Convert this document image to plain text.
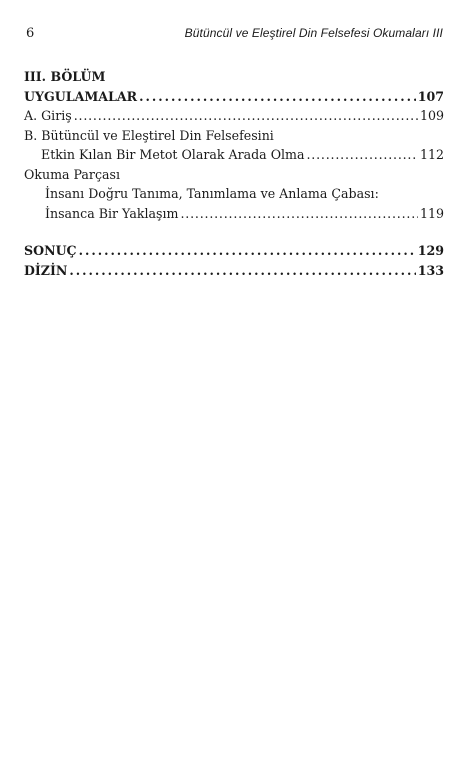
6	Bütüncül ve Eleştirel Din Felsefesi Okumaları III
III. BÖLÜM
UYGULAMALAR . . .	107
A. Giriş . . .	109
B. Bütüncül ve Eleştirel Din Felsefesini
Etkin Kılan Bir Metot Olarak Arada Olma . . .	112
Okuma Parçası
İnsanı Doğru Tanıma, Tanımlama ve Anlama Çabası:
İnsanca Bir Yaklaşım . . .	119
SONUÇ . . .	129
DİZİN . . .	133
